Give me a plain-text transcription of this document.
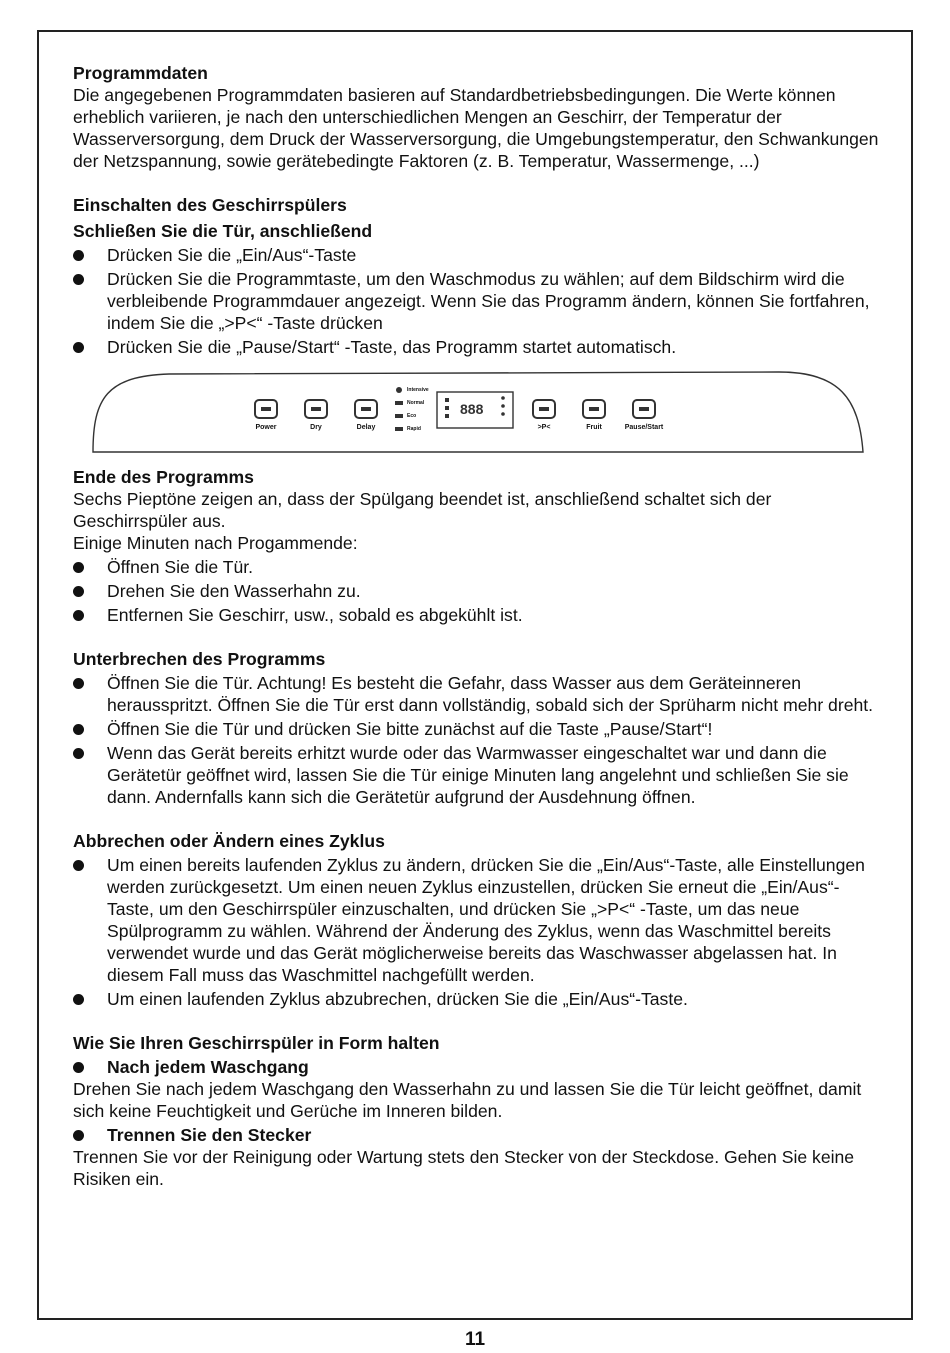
Programmdaten

Die angegebenen Programmdaten basieren auf Standardbetriebsbedingungen. Die Werte können erheblich variieren, je nach den unterschiedlichen Mengen an Geschirr, der Temperatur der Wasserversorgung, dem Druck der Wasserversorgung, die Umgebungstemperatur, den Schwankungen der Netzspannung, sowie gerätebedingte Faktoren (z. B. Temperatur, Wassermenge, ...)

Einschalten des Geschirrspülers

Schließen Sie die Tür, anschließend

Drücken Sie die „Ein/Aus“-Taste
Drücken Sie die Programmtaste, um den Waschmodus zu wählen; auf dem Bildschirm wird die verbleibende Programmdauer angezeigt. Wenn Sie das Programm ändern, können Sie fortfahren, indem Sie die „>P<“ -Taste drücken
Drücken Sie die „Pause/Start“ -Taste, das Programm startet automatisch.
888
Power	Dry	Delay	>P<	Fruit	Pause/Start
Intensive
Normal
Eco
Rapid
Ende des Programms

Sechs Pieptöne zeigen an, dass der Spülgang beendet ist, anschließend schaltet sich der Geschirrspüler aus.

Einige Minuten nach Progammende:

Öffnen Sie die Tür.
Drehen Sie den Wasserhahn zu.
Entfernen Sie Geschirr, usw., sobald es abgekühlt ist.
Unterbrechen des Programms
Öffnen Sie die Tür. Achtung! Es besteht die Gefahr, dass Wasser aus dem Geräteinneren herausspritzt. Öffnen Sie die Tür erst dann vollständig, sobald sich der Sprüharm nicht mehr dreht.
Öffnen Sie die Tür und drücken Sie bitte zunächst auf die Taste „Pause/Start“!
Wenn das Gerät bereits erhitzt wurde oder das Warmwasser eingeschaltet war und dann die Gerätetür geöffnet wird, lassen Sie die Tür einige Minuten lang angelehnt und schließen Sie sie dann. Andernfalls kann sich die Gerätetür aufgrund der Ausdehnung öffnen.
Abbrechen oder Ändern eines Zyklus
Um einen bereits laufenden Zyklus zu ändern, drücken Sie die „Ein/Aus“-Taste, alle Einstellungen werden zurückgesetzt. Um einen neuen Zyklus einzustellen, drücken Sie erneut die „Ein/Aus“-Taste, um den Geschirrspüler einzuschalten, und drücken Sie „>P<“ -Taste, um das neue Spülprogramm zu wählen. Während der Änderung des Zyklus, wenn das Waschmittel bereits verwendet wurde und das Gerät möglicherweise bereits das Waschwasser abgelassen hat. In diesem Fall muss das Waschmittel nachgefüllt werden.
Um einen laufenden Zyklus abzubrechen, drücken Sie die „Ein/Aus“-Taste.
Wie Sie Ihren Geschirrspüler in Form halten
Nach jedem Waschgang

Drehen Sie nach jedem Waschgang den Wasserhahn zu und lassen Sie die Tür leicht geöffnet, damit sich keine Feuchtigkeit und Gerüche im Inneren bilden.

Trennen Sie den Stecker

Trennen Sie vor der Reinigung oder Wartung stets den Stecker von der Steckdose. Gehen Sie keine Risiken ein.

11
